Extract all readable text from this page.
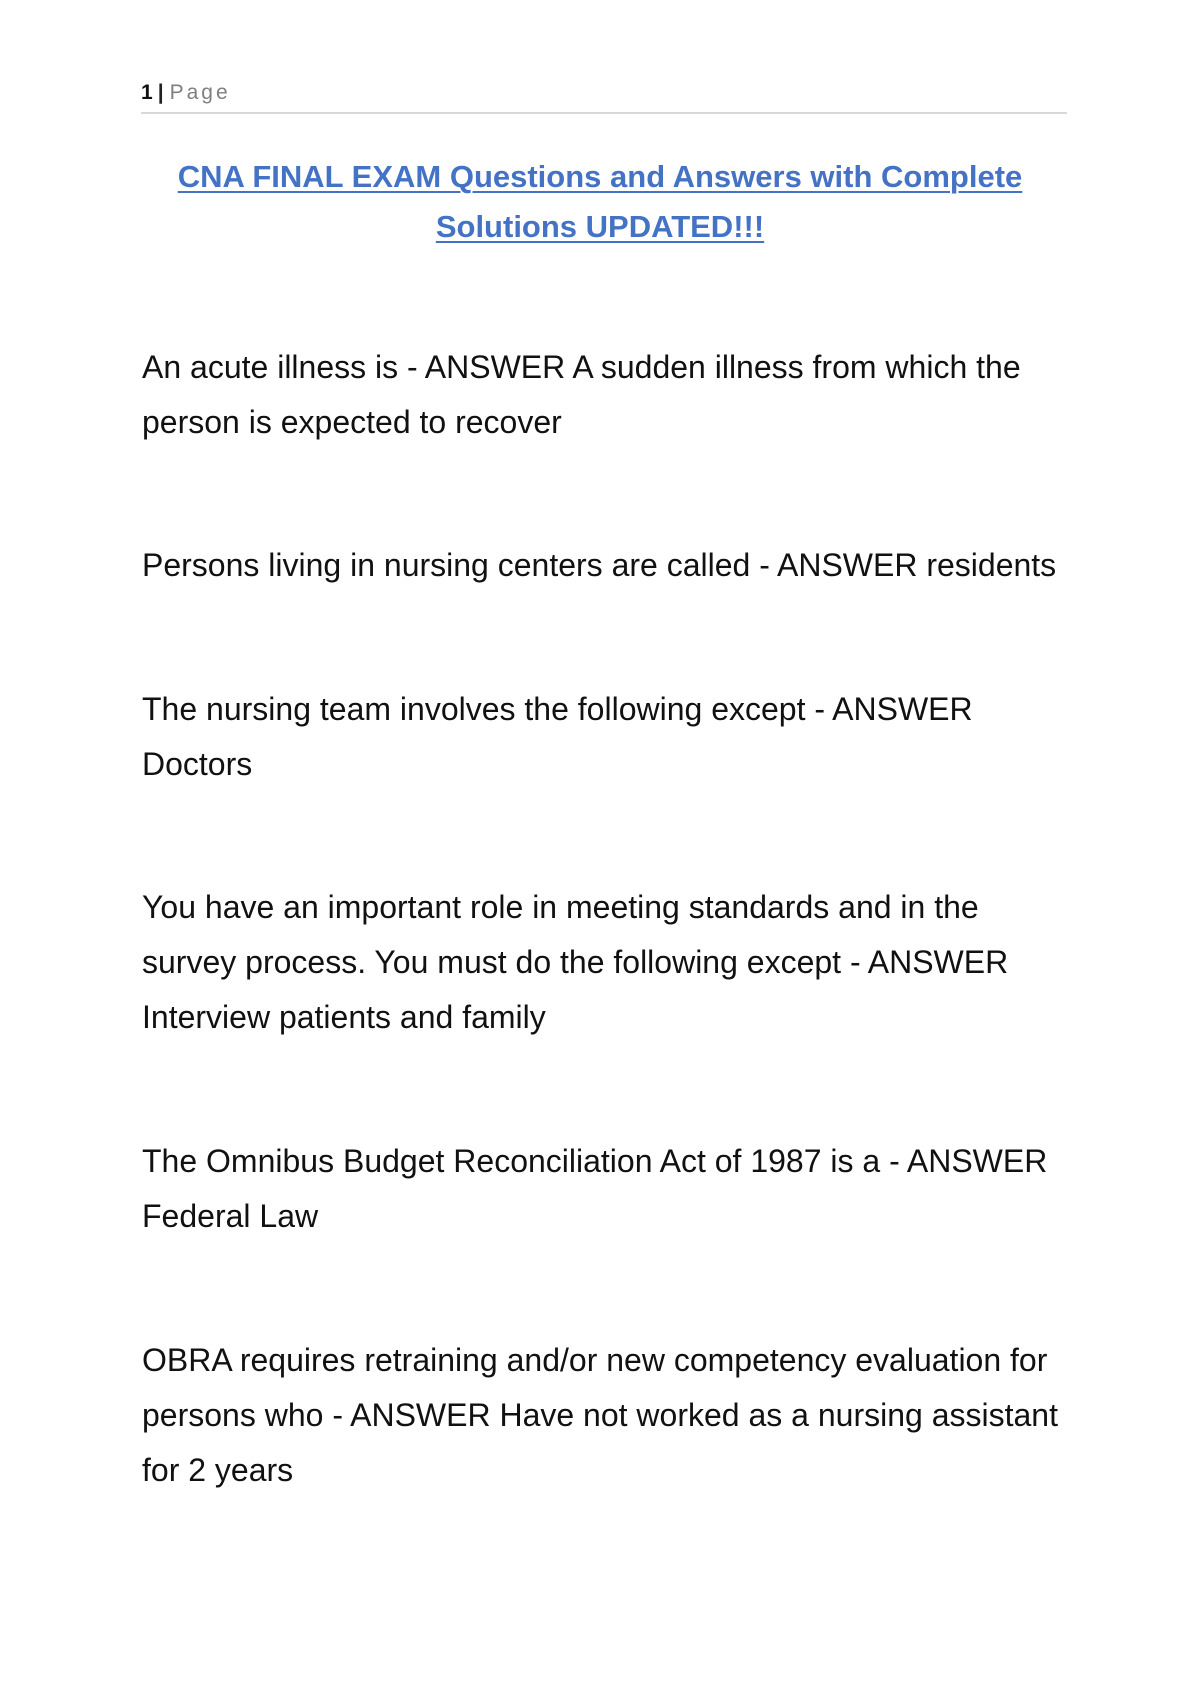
1 | Page
CNA FINAL EXAM Questions and Answers with Complete Solutions UPDATED!!!

An acute illness is - ANSWER A sudden illness from which the person is expected to recover

Persons living in nursing centers are called - ANSWER residents

The nursing team involves the following except - ANSWER Doctors

You have an important role in meeting standards and in the survey process. You must do the following except - ANSWER Interview patients and family

The Omnibus Budget Reconciliation Act of 1987 is a - ANSWER Federal Law

OBRA requires retraining and/or new competency evaluation for persons who - ANSWER Have not worked as a nursing assistant for 2 years
